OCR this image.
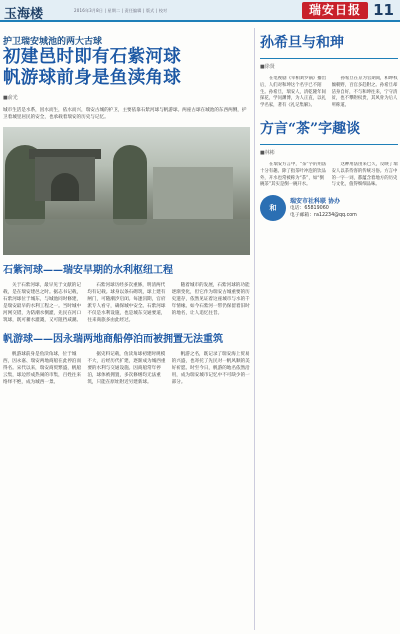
玉海楼	2016年3月8日 | 星期二 | 责任编辑 | 版式 | 校对	瑞安日报 11
护卫瑞安城池的两大古球
初建邑时即有石紫河球
帆游球前身是鱼渎角球
■俞光
城市生活是水系，因水而生，依水而兴，瑞安古城的护卫，主要依靠石紫河球与帆游球。两座古球在城池的东西两侧，护卫着城里居民的安全，也承载着瑞安的历史与记忆。
石紫河球——瑞安早期的水利枢纽工程

关于石紫河球，最早见于文献的记载，是在瑞安建邑之时。据志书记载，石紫河球位于城东，与城池同时修建，是瑞安最早的水利工程之一。当时城中河网交错，为防潮水倒灌，先民在河口筑球，既可蓄水灌溉，又可阻挡咸潮。

石紫河球历经多次重修，明清两代均有记载。球身以条石砌筑，球上建有闸门，可随潮汐启闭。每逢汛期，官府派专人看守，确保城中安全。石紫河球不仅是水利设施，也是城东交通要道，往来商旅多由此经过。

随着城市的发展，石紫河球的功能逐渐变化，但它作为瑞安古城重要的历史遗存，依然见证着这座城市与水的千年情缘。如今石紫河一带仍保留着旧时的地名，让人追忆往昔。

帆游球——因永瑞两地商船停泊而被拥置无法重筑

帆游球前身是鱼渎角球，位于城西，因永嘉、瑞安两地商船在此停泊而得名。宋代以来，瑞安商贸繁盛，帆船云集，球边形成热闹的市集，百姓往来络绎不绝，成为城西一景。

据史料记载，鱼渎角球初建时规模不大，后经历代扩建，逐渐成为城西重要的水利与交通设施。因商船常年停泊，球体被拥置，多次修缮均无法重筑，只能在原址附近另建新球。

帆游之名，既记录了瑞安海上贸易的兴盛，也寄托了先民对一帆风顺的美好祈愿。时至今日，帆游的地名依然沿用，成为瑞安城市记忆中不可缺少的一部分。

孙希旦与和珅
■徐贤

在电视剧《宰相刘罗锅》播出后，人们对和珅这个名字已不陌生。孙希旦，瑞安人，清乾隆年间探花，学问渊博，为人正直，以礼学名家，著有《礼记集解》。

孙希旦在京为官期间，和珅权倾朝野，百官多趋附之。孙希旦却洁身自好，不与和珅往来，宁守清贫，也不攀附权贵，其风骨为后人所称道。

方言“茶”字趣谈
■林彬

在瑞安方言中，“茶”字的用法十分有趣。除了指茶叶冲泡的饮品外，开水也常被称为“茶”，如“倒碗茶”其实是倒一碗开水。

这种用法由来已久，反映了瑞安人以茶待客的传统习俗。方言中的一字一词，都蕴含着地方的历史与文化，值得细细品味。

和
瑞安市社科联 协办
电话：65819060
电子邮箱：ra12234@qq.com
